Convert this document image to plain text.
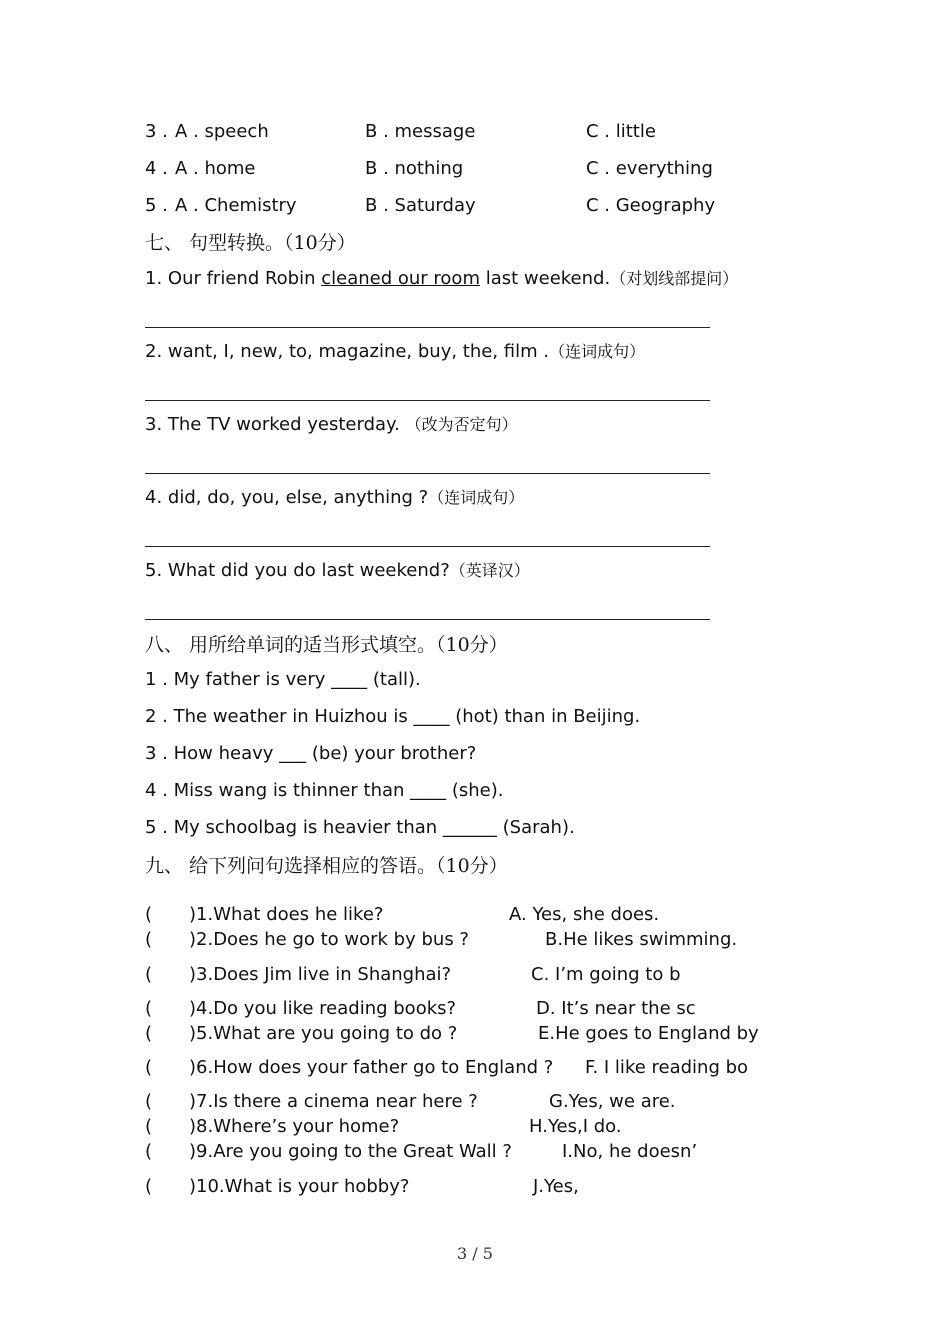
3 . A . speech	B . message	C . little
4 . A . home	B . nothing	C . everything
5 . A . Chemistry	B . Saturday	C . Geography
七、 句型转换。（10分）
1. Our friend Robin cleaned our room last weekend.（对划线部提问）
2. want, I, new, to, magazine, buy, the, film .（连词成句）
3. The TV worked yesterday. （改为否定句）
4. did, do, you, else, anything ?（连词成句）
5. What did you do last weekend?（英译汉）
八、 用所给单词的适当形式填空。（10分）
1 . My father is very ____ (tall).
2 . The weather in Huizhou is ____ (hot) than in Beijing.
3 . How heavy ___ (be) your brother?
4 . Miss wang is thinner than ____ (she).
5 . My schoolbag is heavier than ______ (Sarah).
九、 给下列问句选择相应的答语。（10分）
( )1.What does he like?	A. Yes, she does.
( )2.Does he go to work by bus ?	B.He likes swimming.
( )3.Does Jim live in Shanghai?	C. I’m going to b
( )4.Do you like reading books?	D. It’s near the sc
( )5.What are you going to do ?	E.He goes to England by
( )6.How does your father go to England ? F. I like reading bo
( )7.Is there a cinema near here ?	G.Yes, we are.
( )8.Where’s your home?	H.Yes,I do.
( )9.Are you going to the Great Wall ?	I.No, he doesn’
( )10.What is your hobby?	J.Yes,
3 / 5
